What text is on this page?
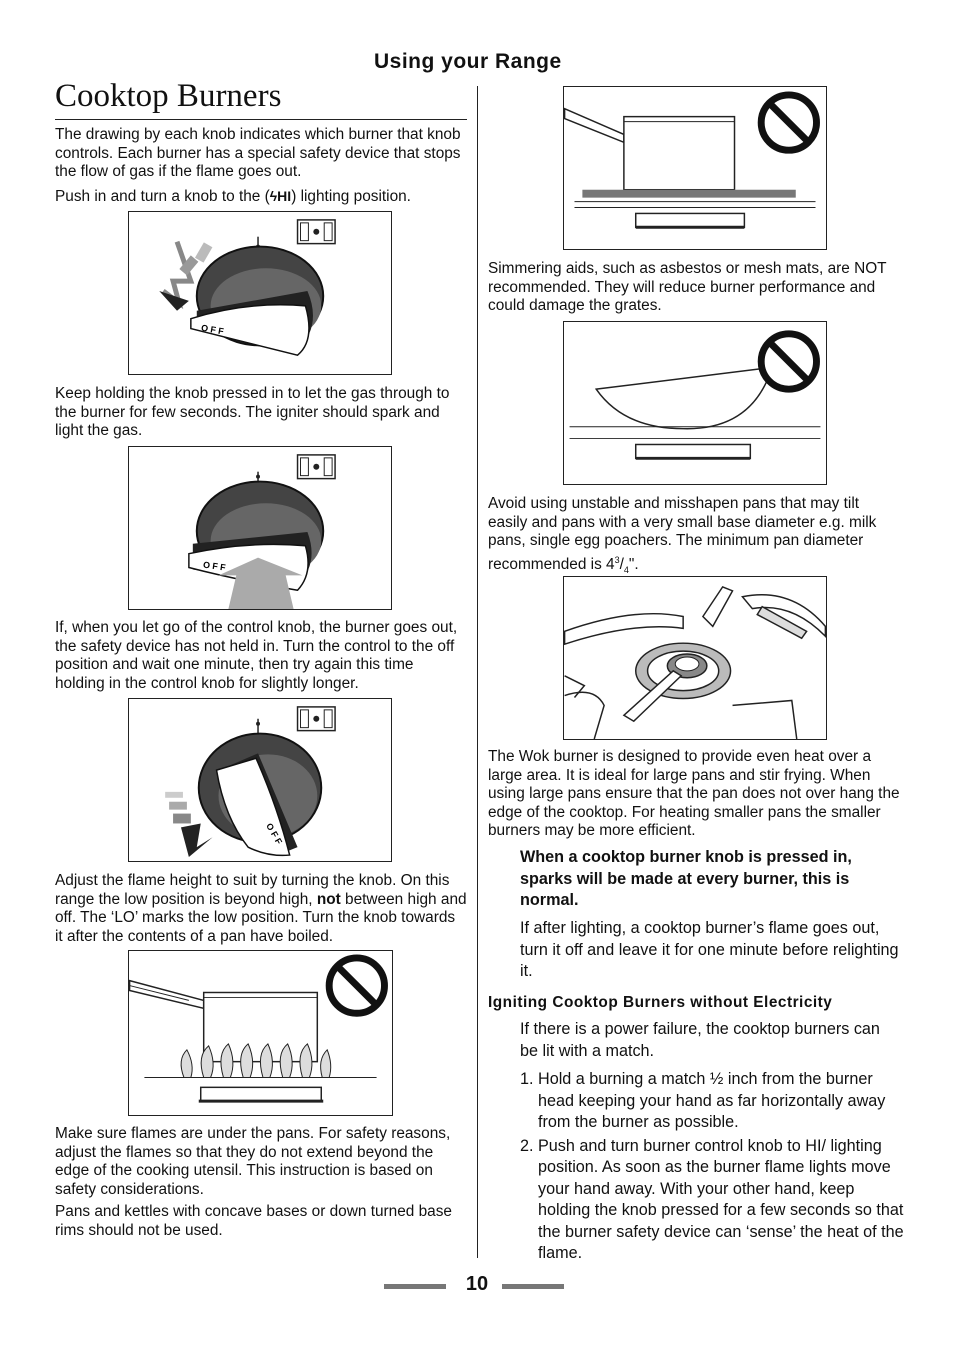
Using your Range
Cooktop Burners

The drawing by each knob indicates which burner that knob controls. Each burner has a special safety device that stops the flow of gas if the flame goes out.

Push in and turn a knob to the (ϟHI) lighting position.

O F F

Keep holding the knob pressed in to let the gas through to the burner for few seconds. The igniter should spark and light the gas.

O F F

If, when you let go of the control knob, the burner goes out, the safety device has not held in. Turn the control to the off position and wait one minute, then try again this time holding in the control knob for slightly longer.

O F F

Adjust the flame height to suit by turning the knob. On this range the low position is beyond high, not between high and off. The ‘LO’ marks the low position. Turn the knob towards it after the contents of a pan have boiled.

Make sure flames are under the pans. For safety reasons, adjust the flames so that they do not extend beyond the edge of the cooking utensil. This instruction is based on safety considerations.

Pans and kettles with concave bases or down turned base rims should not be used.

Simmering aids, such as asbestos or mesh mats, are NOT recommended. They will reduce burner performance and could damage the grates.

Avoid using unstable and misshapen pans that may tilt easily and pans with a very small base diameter e.g. milk pans, single egg poachers. The minimum pan diameter recommended is $4^3/_4$".

The Wok burner is designed to provide even heat over a large area. It is ideal for large pans and stir frying. When using large pans ensure that the pan does not over hang the edge of the cooktop. For heating smaller pans the smaller burners may be more efficient.

When a cooktop burner knob is pressed in, sparks will be made at every burner, this is normal.

If after lighting, a cooktop burner’s flame goes out, turn it off and leave it for one minute before relighting it.

Igniting Cooktop Burners without Electricity

If there is a power failure, the cooktop burners can be lit with a match.

1. Hold a burning a match ½ inch from the burner head keeping your hand as far horizontally away from the burner as possible.
2. Push and turn burner control knob to HI/ lighting position. As soon as the burner flame lights move your hand away. With your other hand, keep holding the knob pressed for a few seconds so that the burner safety device can ‘sense’ the heat of the flame.
10
